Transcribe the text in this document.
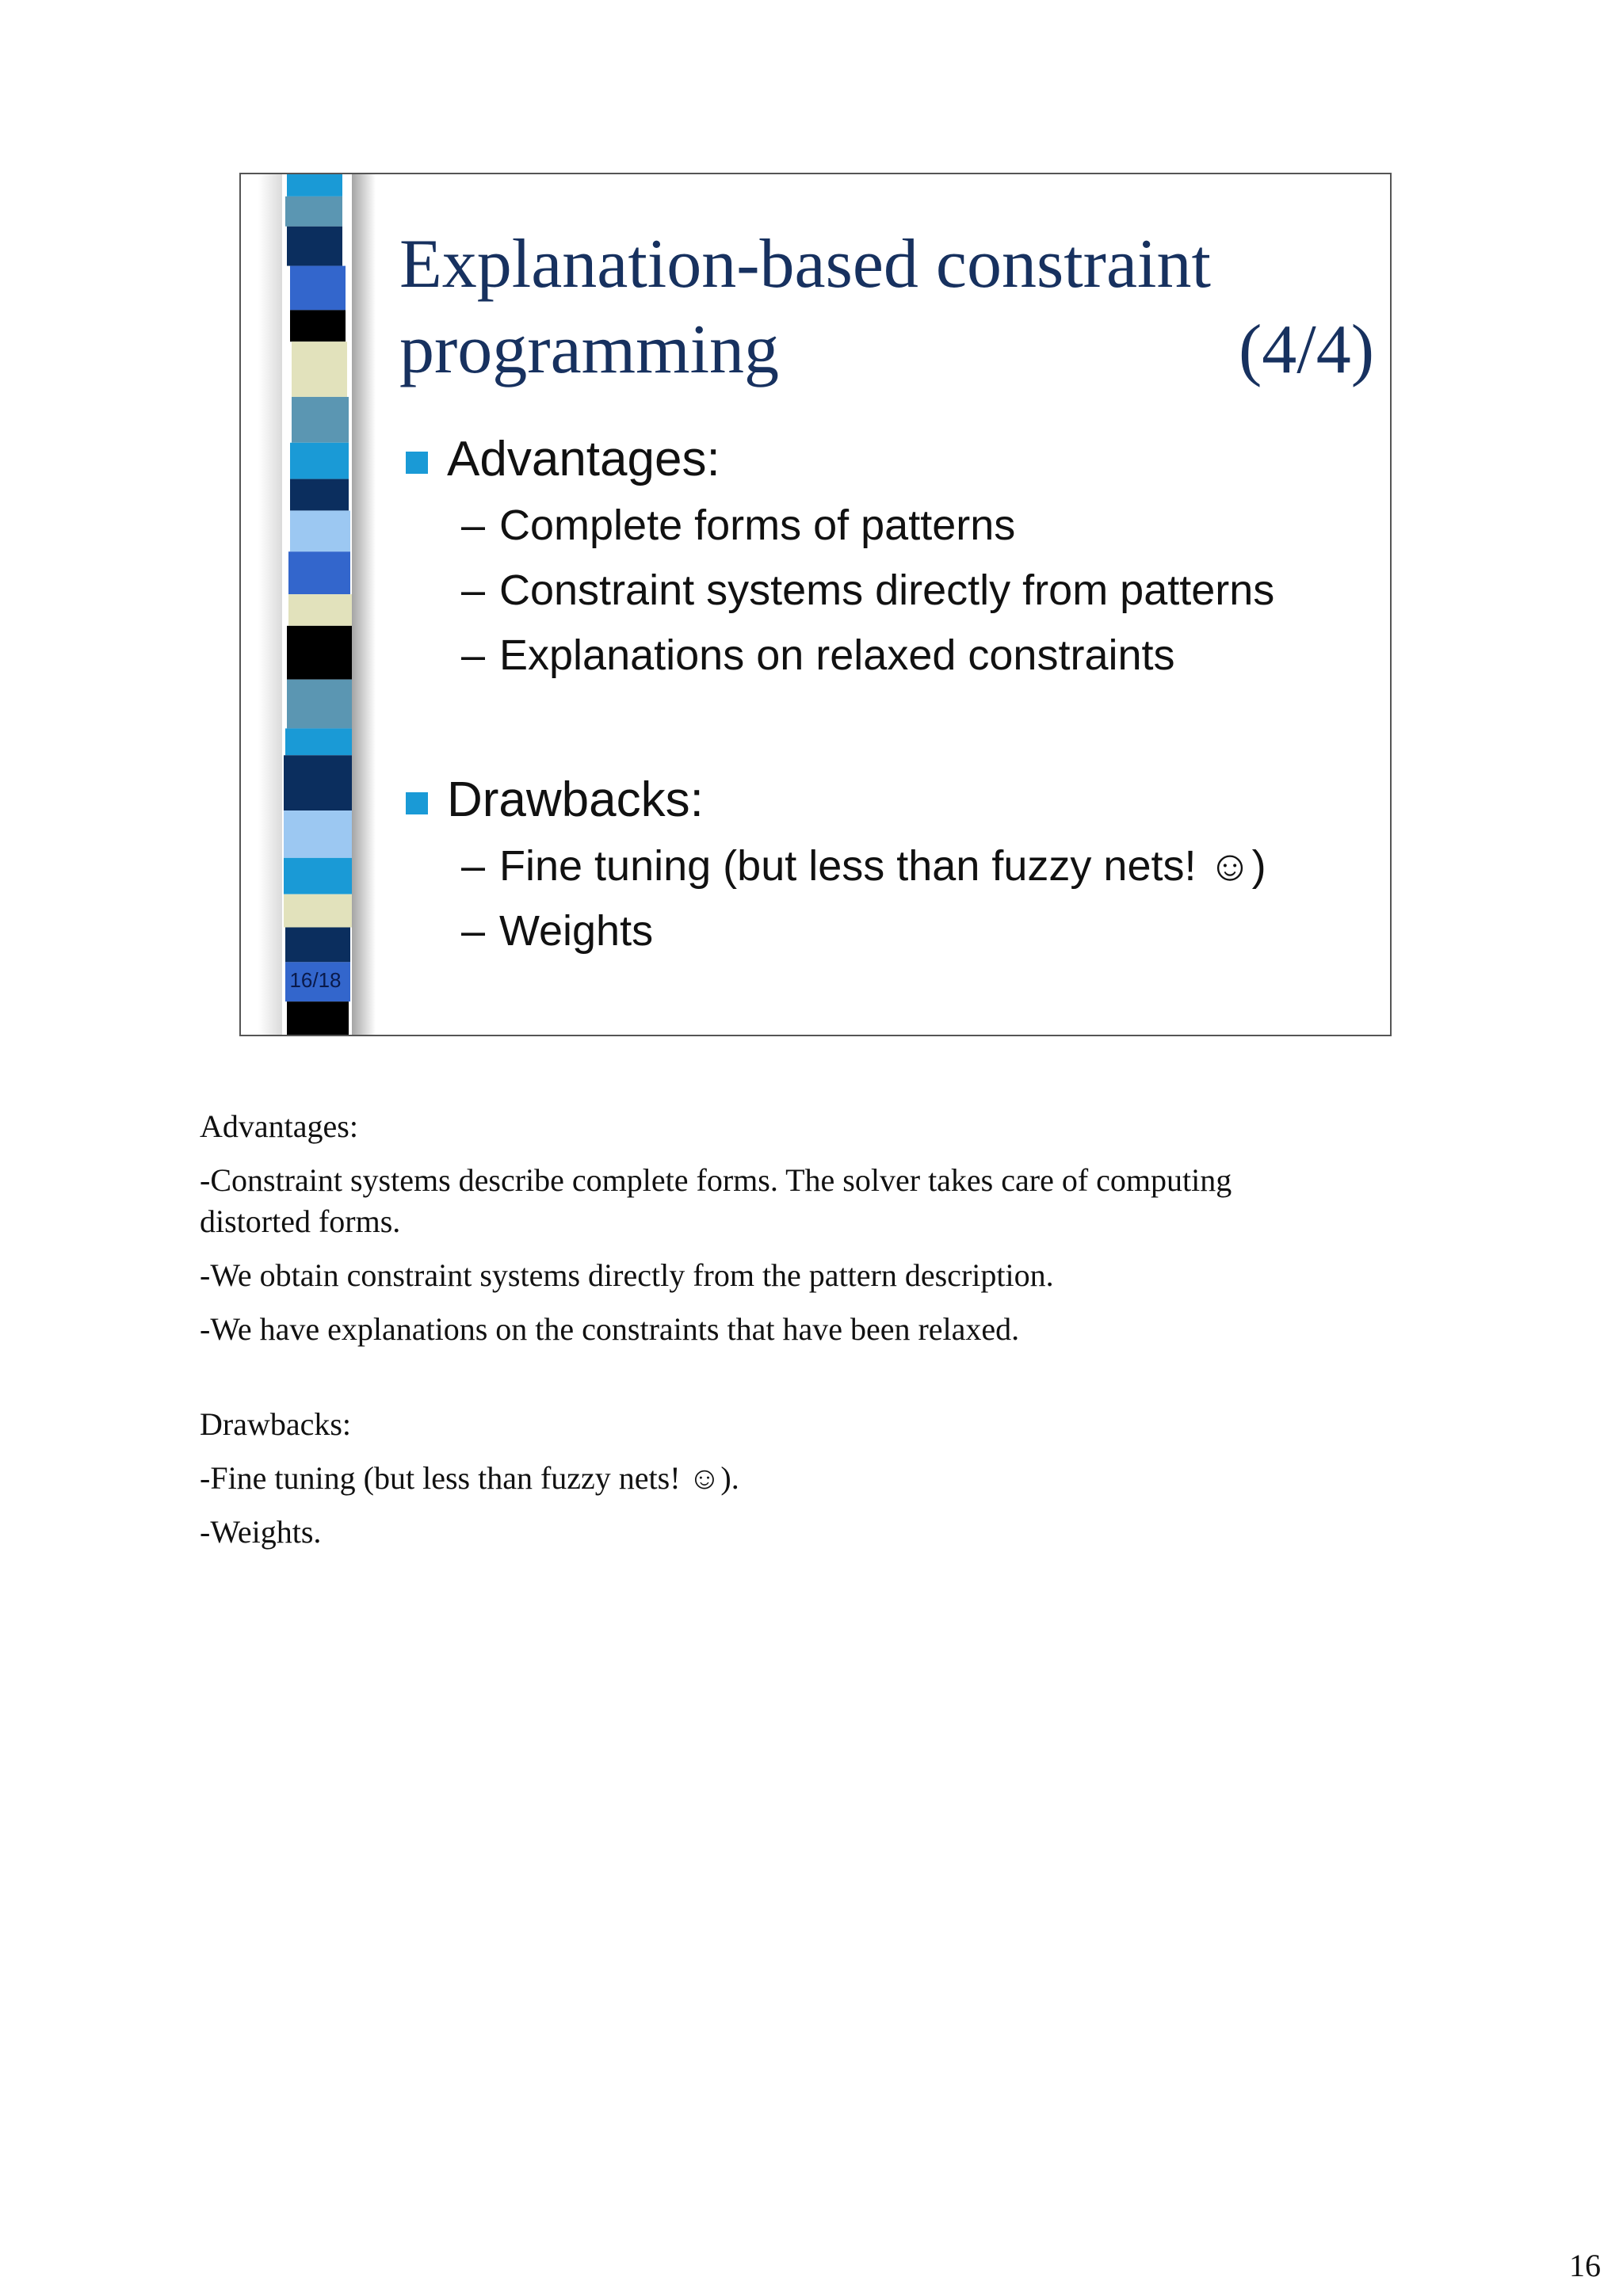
16/18
Explanation-based constraint
programming	(4/4)
Advantages:
– Complete forms of patterns
– Constraint systems directly from patterns
– Explanations on relaxed constraints
Drawbacks:
– Fine tuning (but less than fuzzy nets! ☺)
– Weights

Advantages:

-Constraint systems describe complete forms. The solver takes care of computing

distorted forms.

-We obtain constraint systems directly from the pattern description.

-We have explanations on the constraints that have been relaxed.

Drawbacks:

-Fine tuning (but less than fuzzy nets! ☺).

-Weights.

16
